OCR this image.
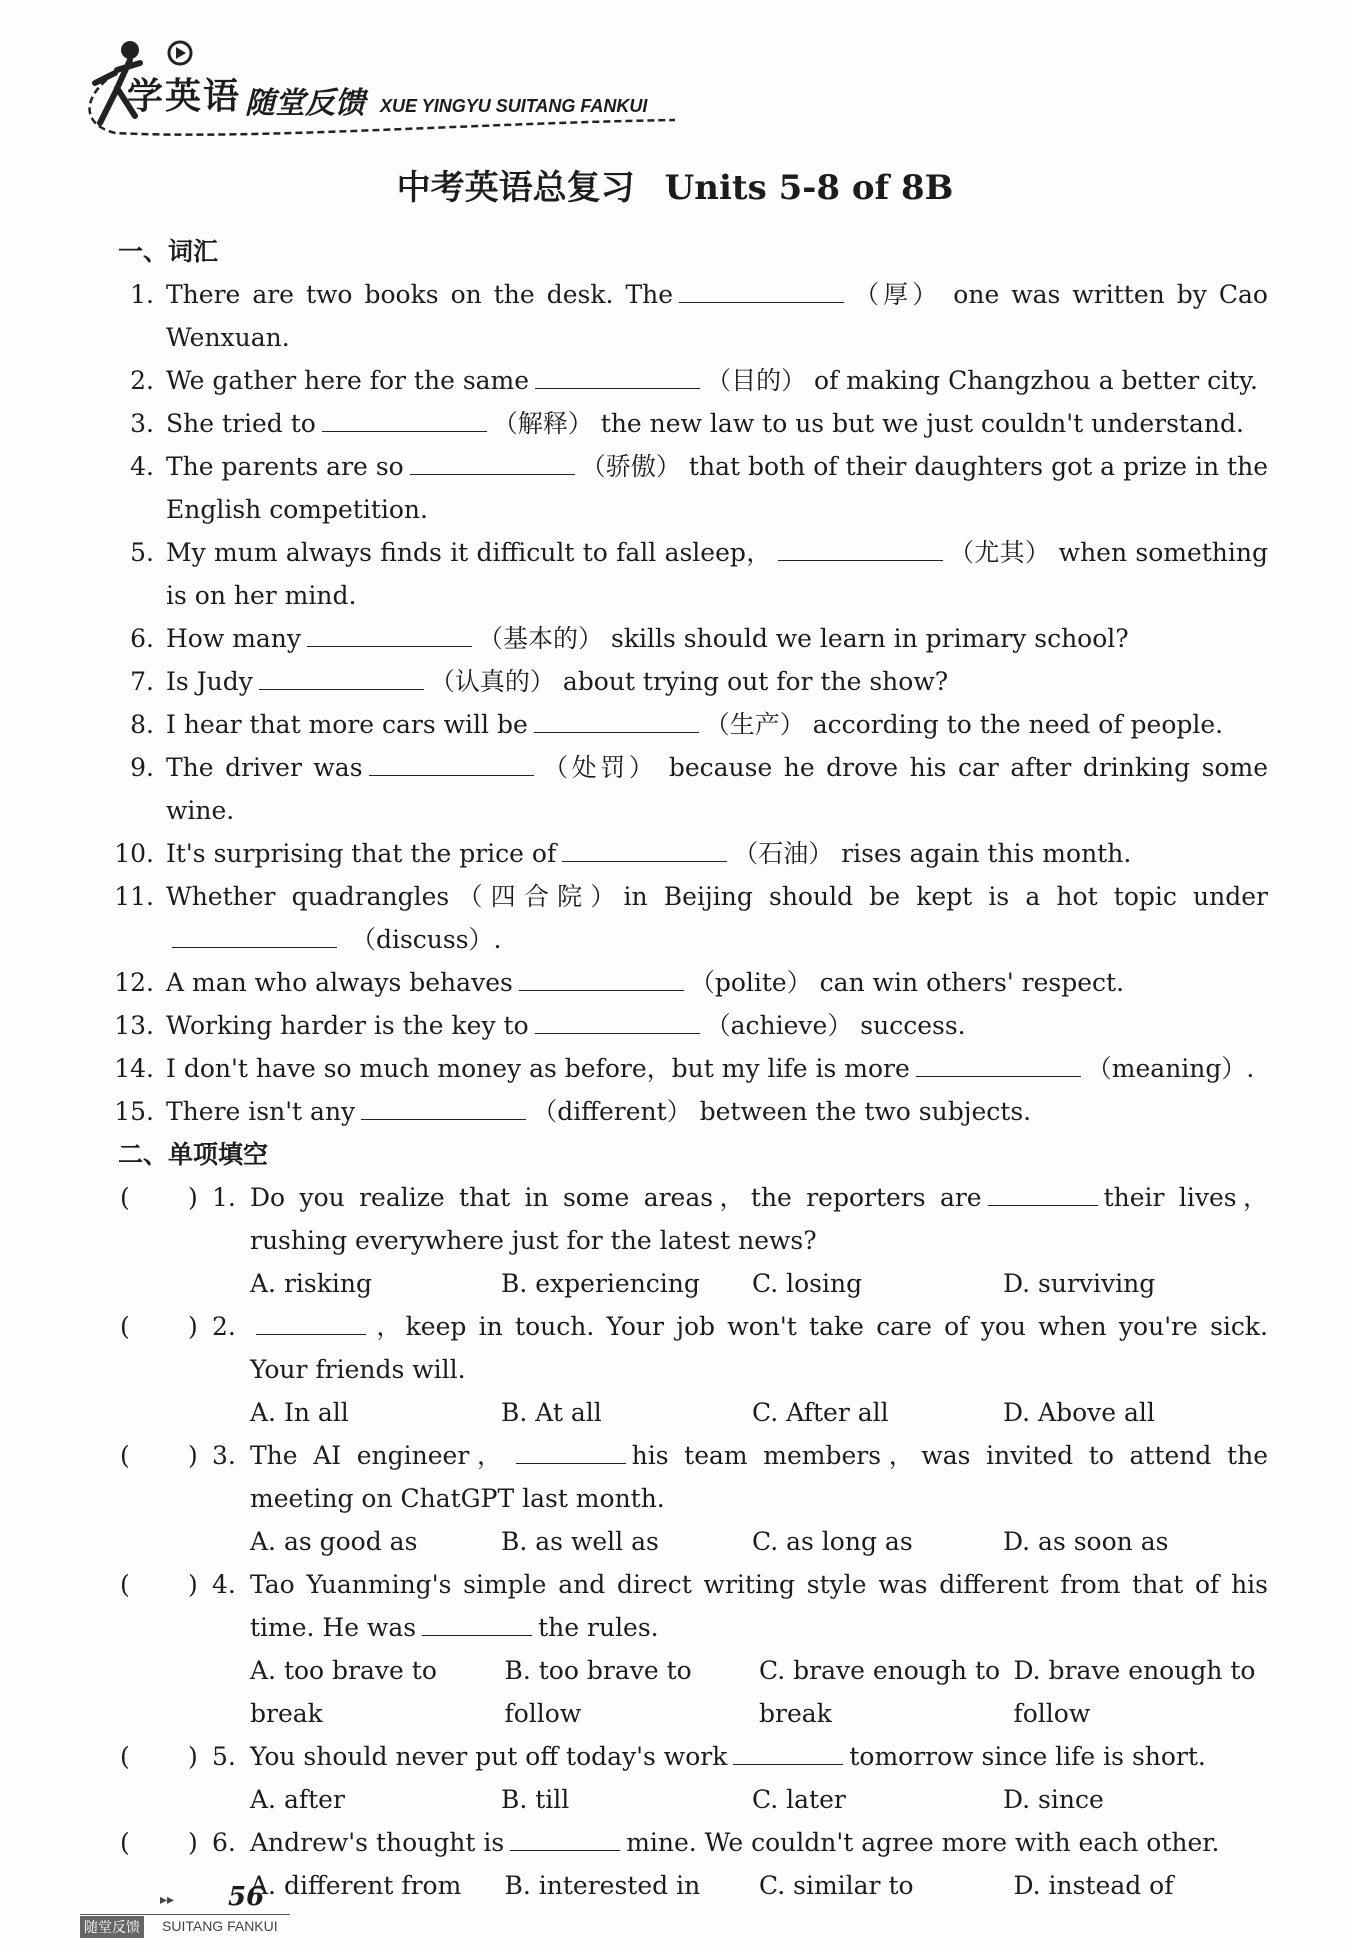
学英语 随堂反馈 XUE YINGYU SUITANG FANKUI
中考英语总复习 Units 5-8 of 8B
一、词汇
1. There are two books on the desk. The	（厚） one was written by Cao Wenxuan.
2. We gather here for the same	（目的） of making Changzhou a better city.
3. She tried to	（解释） the new law to us but we just couldn't understand.
4. The parents are so	（骄傲） that both of their daughters got a prize in the English competition.
5. My mum always finds it difficult to fall asleep，	（尤其） when something is on her mind.
6. How many	（基本的） skills should we learn in primary school?
7. Is Judy	（认真的） about trying out for the show?
8. I hear that more cars will be	（生产） according to the need of people.
9. The driver was	（处罚） because he drove his car after drinking some wine.
10. It's surprising that the price of	（石油） rises again this month.
11. Whether quadrangles（四合院）in Beijing should be kept is a hot topic under （discuss）.
12. A man who always behaves	（polite） can win others' respect.
13. Working harder is the key to	（achieve） success.
14. I don't have so much money as before，but my life is more	（meaning）.
15. There isn't any	（different） between the two subjects.
二、单项填空
( ) 1. Do you realize that in some areas，the reporters are	their lives，rushing everywhere just for the latest news?
A. risking	B. experiencing	C. losing	D. surviving
( ) 2.	，keep in touch. Your job won't take care of you when you're sick. Your friends will.
A. In all	B. At all	C. After all	D. Above all
( ) 3. The AI engineer，	his team members，was invited to attend the meeting on ChatGPT last month.
A. as good as	B. as well as	C. as long as	D. as soon as
( ) 4. Tao Yuanming's simple and direct writing style was different from that of his time. He was	the rules.
A. too brave to break
B. too brave to follow
C. brave enough to break
D. brave enough to follow
( ) 5. You should never put off today's work	tomorrow since life is short.
A. after	B. till	C. later	D. since
( ) 6. Andrew's thought is	mine. We couldn't agree more with each other.
A. different from	B. interested in	C. similar to	D. instead of
▸▸ 56
随堂反馈 SUITANG FANKUI
